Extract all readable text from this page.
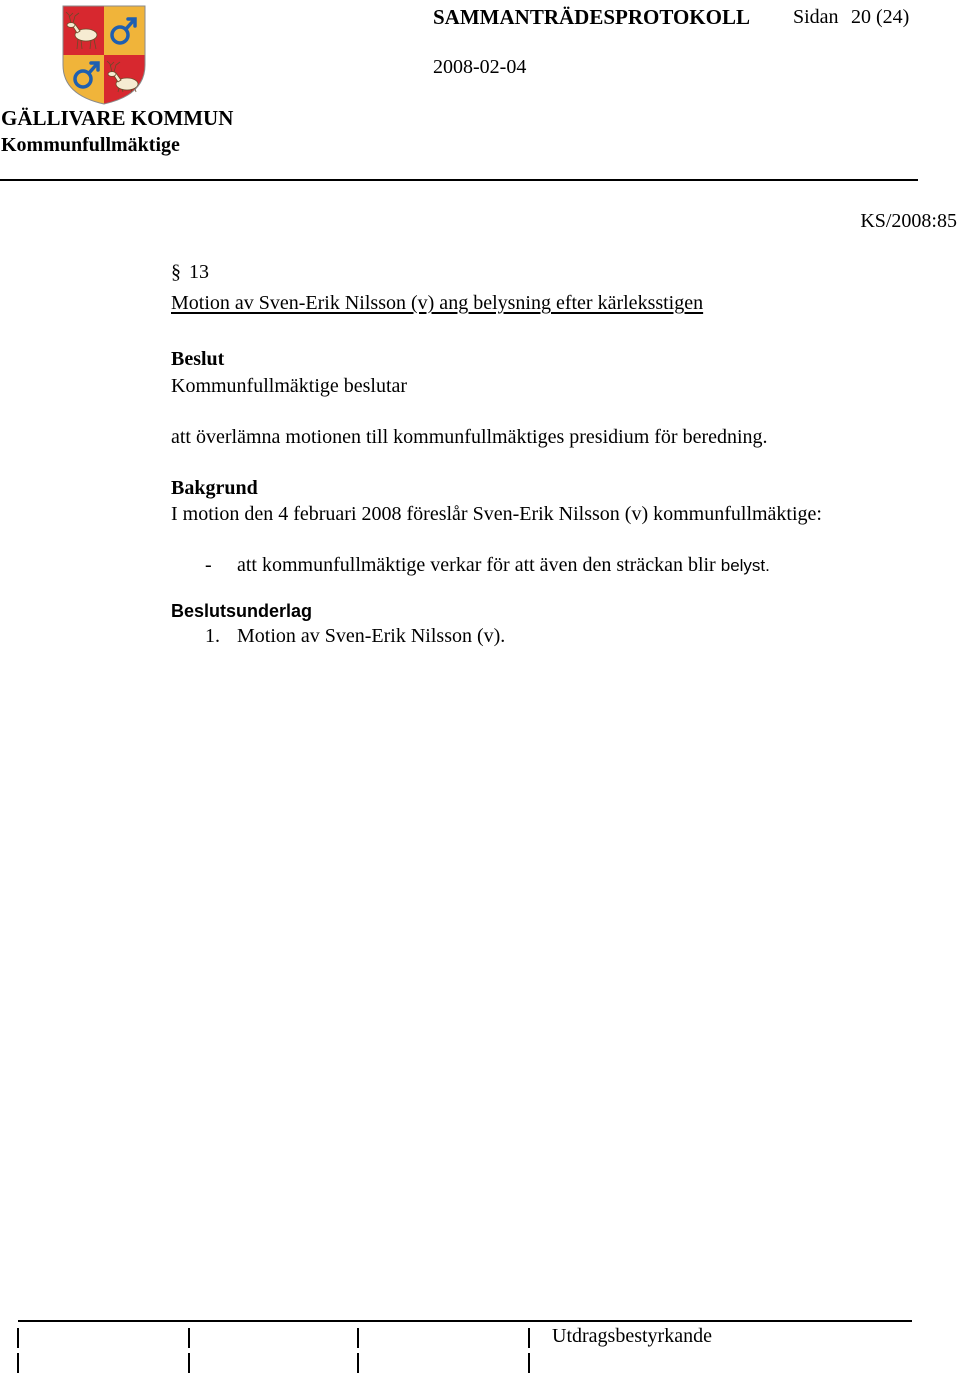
SAMMANTRÄDESPROTOKOLL Sidan 20 (24)
2008-02-04
GÄLLIVARE KOMMUN
Kommunfullmäktige
KS/2008:85
§ 13
Motion av Sven-Erik Nilsson (v) ang belysning efter kärleksstigen
Beslut
Kommunfullmäktige beslutar
att överlämna motionen till kommunfullmäktiges presidium för beredning.
Bakgrund
I motion den 4 februari 2008 föreslår Sven-Erik Nilsson (v) kommunfullmäktige:
- att kommunfullmäktige verkar för att även den sträckan blir belyst.
Beslutsunderlag
1. Motion av Sven-Erik Nilsson (v).
Utdragsbestyrkande
